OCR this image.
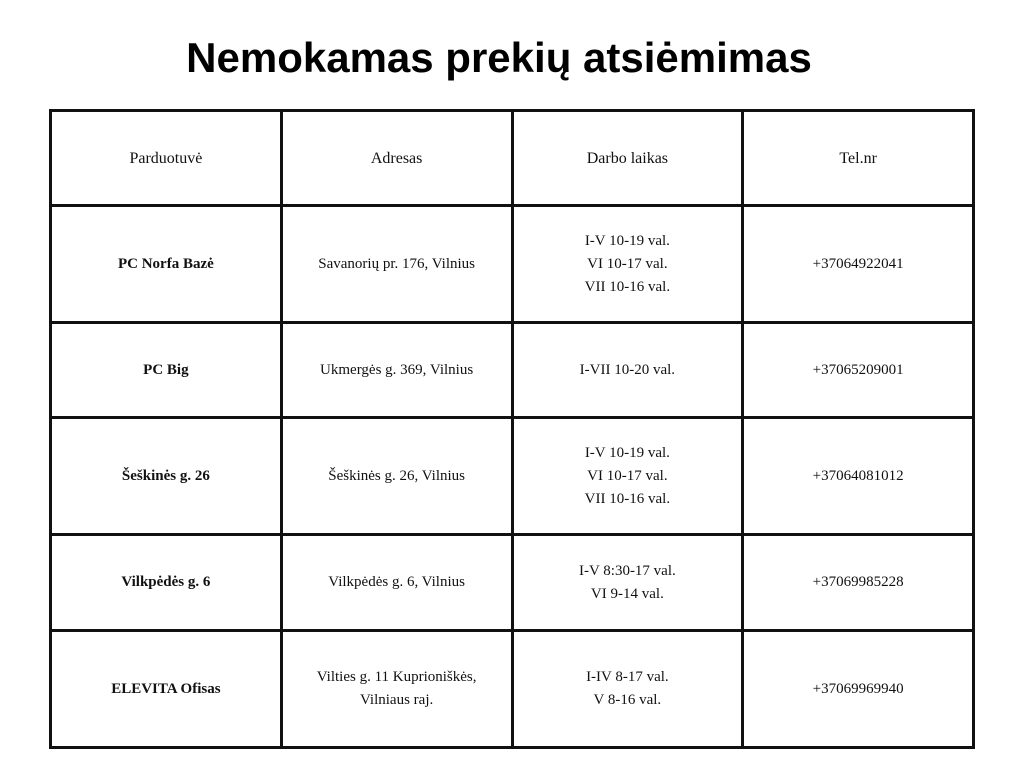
Nemokamas prekių atsiėmimas
Parduotuvė	Adresas	Darbo laikas	Tel.nr
PC Norfa Bazė	Savanorių pr. 176, Vilnius	I-V 10-19 val.
VI 10-17 val.
VII 10-16 val.	+37064922041
PC Big	Ukmergės g. 369, Vilnius	I-VII 10-20 val.	+37065209001
Šeškinės g. 26	Šeškinės g. 26, Vilnius	I-V 10-19 val.
VI 10-17 val.
VII 10-16 val.	+37064081012
Vilkpėdės g. 6	Vilkpėdės g. 6, Vilnius	I-V 8:30-17 val.
VI 9-14 val.	+37069985228
ELEVITA Ofisas	Vilties g. 11 Kuprioniškės,
Vilniaus raj.	I-IV 8-17 val.
V 8-16 val.	+37069969940
